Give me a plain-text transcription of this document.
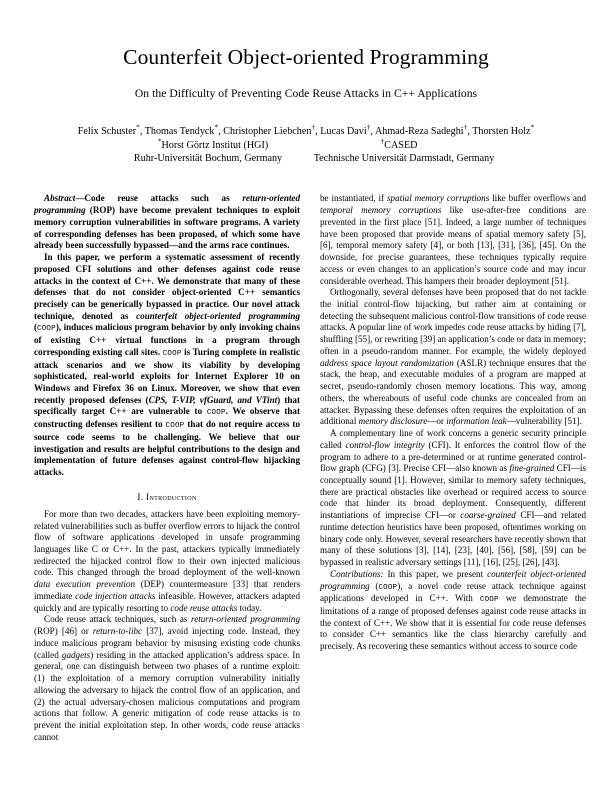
Counterfeit Object-oriented Programming
On the Difficulty of Preventing Code Reuse Attacks in C++ Applications
Felix Schuster*, Thomas Tendyck*, Christopher Liebchen†, Lucas Davi†, Ahmad-Reza Sadeghi†, Thorsten Holz*
*Horst Görtz Institut (HGI)	†CASED
Ruhr-Universität Bochum, Germany	Technische Universität Darmstadt, Germany

Abstract—Code reuse attacks such as return-oriented programming (ROP) have become prevalent techniques to exploit memory corruption vulnerabilities in software programs. A variety of corresponding defenses has been proposed, of which some have already been successfully bypassed—and the arms race continues.

In this paper, we perform a systematic assessment of recently proposed CFI solutions and other defenses against code reuse attacks in the context of C++. We demonstrate that many of these defenses that do not consider object-oriented C++ semantics precisely can be generically bypassed in practice. Our novel attack technique, denoted as counterfeit object-oriented programming (COOP), induces malicious program behavior by only invoking chains of existing C++ virtual functions in a program through corresponding existing call sites. COOP is Turing complete in realistic attack scenarios and we show its viability by developing sophisticated, real-world exploits for Internet Explorer 10 on Windows and Firefox 36 on Linux. Moreover, we show that even recently proposed defenses (CPS, T-VIP, vfGuard, and VTint) that specifically target C++ are vulnerable to COOP. We observe that constructing defenses resilient to COOP that do not require access to source code seems to be challenging. We believe that our investigation and results are helpful contributions to the design and implementation of future defenses against control-flow hijacking attacks.

I. Introduction

For more than two decades, attackers have been exploiting memory-related vulnerabilities such as buffer overflow errors to hijack the control flow of software applications developed in unsafe programming languages like C or C++. In the past, attackers typically immediately redirected the hijacked control flow to their own injected malicious code. This changed through the broad deployment of the well-known data execution prevention (DEP) countermeasure [33] that renders immediate code injection attacks infeasible. However, attackers adapted quickly and are typically resorting to code reuse attacks today.

Code reuse attack techniques, such as return-oriented programming (ROP) [46] or return-to-libc [37], avoid injecting code. Instead, they induce malicious program behavior by misusing existing code chunks (called gadgets) residing in the attacked application’s address space. In general, one can distinguish between two phases of a runtime exploit: (1) the exploitation of a memory corruption vulnerability initially allowing the adversary to hijack the control flow of an application, and (2) the actual adversary-chosen malicious computations and program actions that follow. A generic mitigation of code reuse attacks is to prevent the initial exploitation step. In other words, code reuse attacks cannot

be instantiated, if spatial memory corruptions like buffer overflows and temporal memory corruptions like use-after-free conditions are prevented in the first place [51]. Indeed, a large number of techniques have been proposed that provide means of spatial memory safety [5], [6], temporal memory safety [4], or both [13], [31], [36], [45]. On the downside, for precise guarantees, these techniques typically require access or even changes to an application’s source code and may incur considerable overhead. This hampers their broader deployment [51].

Orthogonally, several defenses have been proposed that do not tackle the initial control-flow hijacking, but rather aim at containing or detecting the subsequent malicious control-flow transitions of code reuse attacks. A popular line of work impedes code reuse attacks by hiding [7], shuffling [55], or rewriting [39] an application’s code or data in memory; often in a pseudo-random manner. For example, the widely deployed address space layout randomization (ASLR) technique ensures that the stack, the heap, and executable modules of a program are mapped at secret, pseudo-randomly chosen memory locations. This way, among others, the whereabouts of useful code chunks are concealed from an attacker. Bypassing these defenses often requires the exploitation of an additional memory disclosure—or information leak—vulnerability [51].

A complementary line of work concerns a generic security principle called control-flow integrity (CFI). It enforces the control flow of the program to adhere to a pre-determined or at runtime generated control-flow graph (CFG) [3]. Precise CFI—also known as fine-grained CFI—is conceptually sound [1]. However, similar to memory safety techniques, there are practical obstacles like overhead or required access to source code that hinder its broad deployment. Consequently, different instantiations of imprecise CFI—or coarse-grained CFI—and related runtime detection heuristics have been proposed, oftentimes working on binary code only. However, several researchers have recently shown that many of these solutions [3], [14], [23], [40], [56], [58], [59] can be bypassed in realistic adversary settings [11], [16], [25], [26], [43].

Contributions: In this paper, we present counterfeit object-oriented programming (COOP), a novel code reuse attack technique against applications developed in C++. With COOP we demonstrate the limitations of a range of proposed defenses against code reuse attacks in the context of C++. We show that it is essential for code reuse defenses to consider C++ semantics like the class hierarchy carefully and precisely. As recovering these semantics without access to source code
